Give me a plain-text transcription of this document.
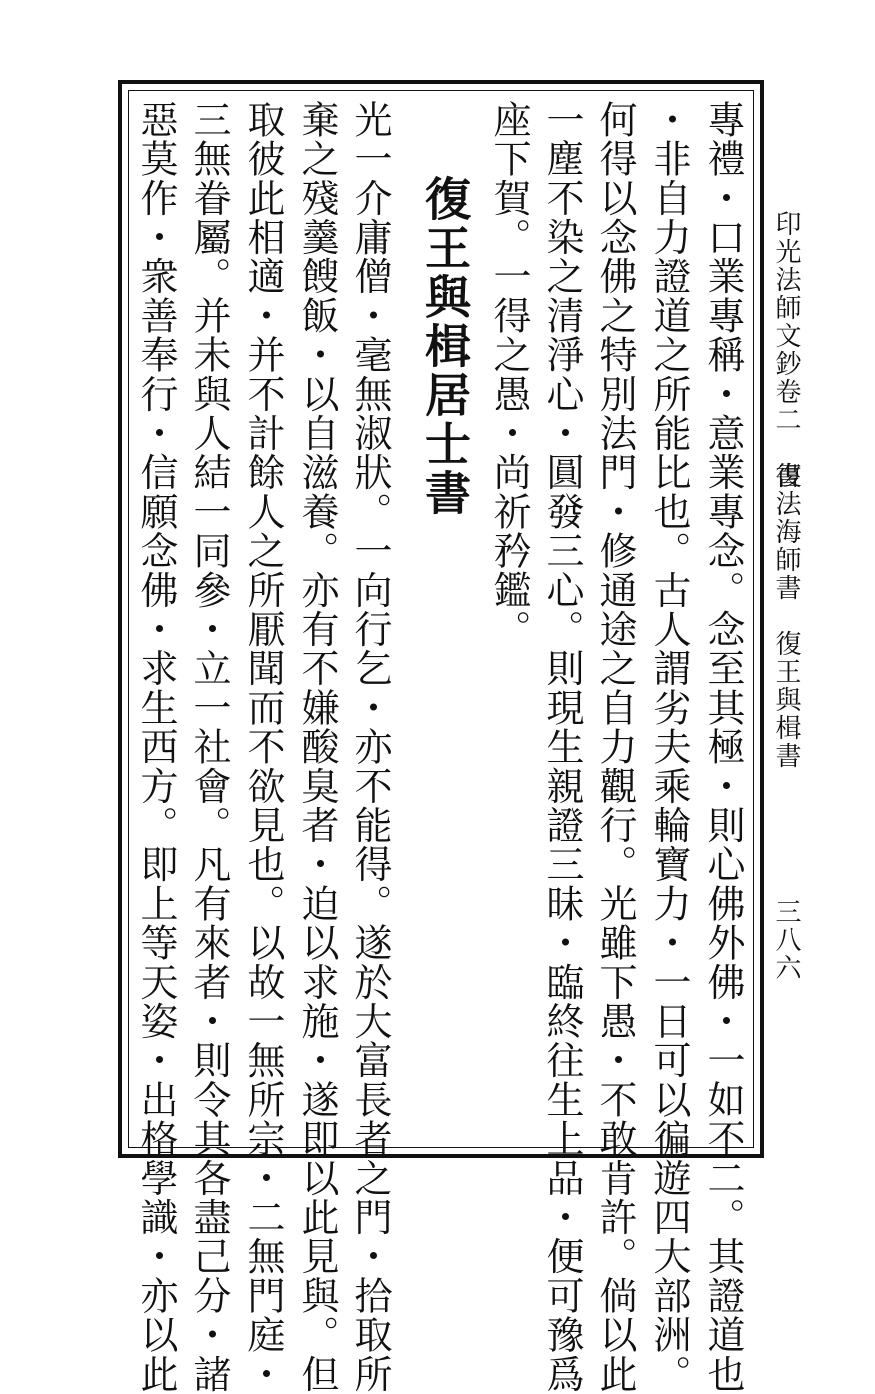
印光法師文鈔卷二　書
復法海師書　復王與楫書
三八六
專禮・口業專稱・意業專念。念至其極・則心佛外佛・一如不二。其證道也
・非自力證道之所能比也。古人謂劣夫乘輪寶力・一日可以徧遊四大部洲。
何得以念佛之特別法門・修通途之自力觀行。光雖下愚・不敢肯許。倘以此
一塵不染之清淨心・圓發三心。則現生親證三昧・臨終往生上品・便可豫爲
座下賀。一得之愚・尚祈矜鑑。
復王與楫居士書
光一介庸僧・毫無淑狀。一向行乞・亦不能得。遂於大富長者之門・拾取所
棄之殘羹餿飯・以自滋養。亦有不嫌酸臭者・迫以求施・遂即以此見與。但
取彼此相適・并不計餘人之所厭聞而不欲見也。以故一無所宗・二無門庭・
三無眷屬。并未與人結一同參・立一社會。凡有來者・則令其各盡己分・諸
惡莫作・衆善奉行・信願念佛・求生西方。即上等天姿・出格學識・亦以此
